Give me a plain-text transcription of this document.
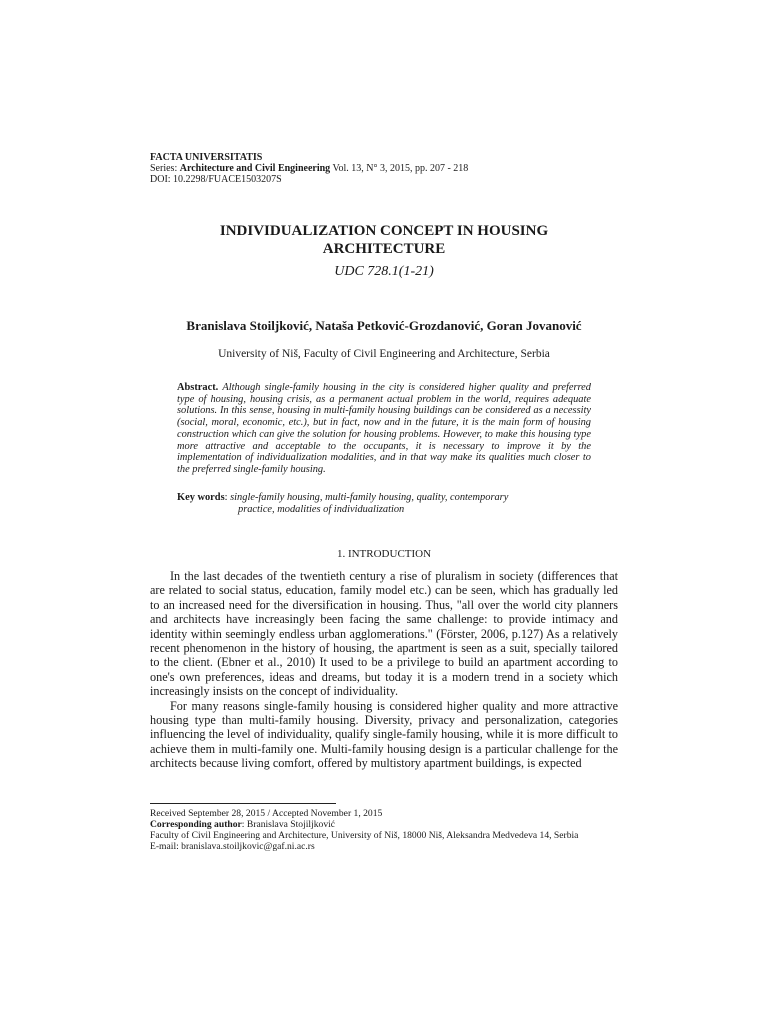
FACTA UNIVERSITATIS
Series: Architecture and Civil Engineering Vol. 13, N° 3, 2015, pp. 207 - 218
DOI: 10.2298/FUACE1503207S
INDIVIDUALIZATION CONCEPT IN HOUSING
ARCHITECTURE
UDC 728.1(1-21)
Branislava Stoiljković, Nataša Petković-Grozdanović, Goran Jovanović
University of Niš, Faculty of Civil Engineering and Architecture, Serbia
Abstract. Although single-family housing in the city is considered higher quality and preferred type of housing, housing crisis, as a permanent actual problem in the world, requires adequate solutions. In this sense, housing in multi-family housing buildings can be considered as a necessity (social, moral, economic, etc.), but in fact, now and in the future, it is the main form of housing construction which can give the solution for housing problems. However, to make this housing type more attractive and acceptable to the occupants, it is necessary to improve it by the implementation of individualization modalities, and in that way make its qualities much closer to the preferred single-family housing.
Key words: single-family housing, multi-family housing, quality, contemporary
practice, modalities of individualization
1. INTRODUCTION

In the last decades of the twentieth century a rise of pluralism in society (differences that are related to social status, education, family model etc.) can be seen, which has gradually led to an increased need for the diversification in housing. Thus, "all over the world city planners and architects have increasingly been facing the same challenge: to provide intimacy and identity within seemingly endless urban agglomerations." (Förster, 2006, p.127) As a relatively recent phenomenon in the history of housing, the apartment is seen as a suit, specially tailored to the client. (Ebner et al., 2010) It used to be a privilege to build an apartment according to one's own preferences, ideas and dreams, but today it is a modern trend in a society which increasingly insists on the concept of individuality.

For many reasons single-family housing is considered higher quality and more attractive housing type than multi-family housing. Diversity, privacy and personalization, categories influencing the level of individuality, qualify single-family housing, while it is more difficult to achieve them in multi-family one. Multi-family housing design is a particular challenge for the architects because living comfort, offered by multistory apartment buildings, is expected

Received September 28, 2015 / Accepted November 1, 2015
Corresponding author: Branislava Stojiljković
Faculty of Civil Engineering and Architecture, University of Niš, 18000 Niš, Aleksandra Medvedeva 14, Serbia
E-mail: branislava.stoiljkovic@gaf.ni.ac.rs
